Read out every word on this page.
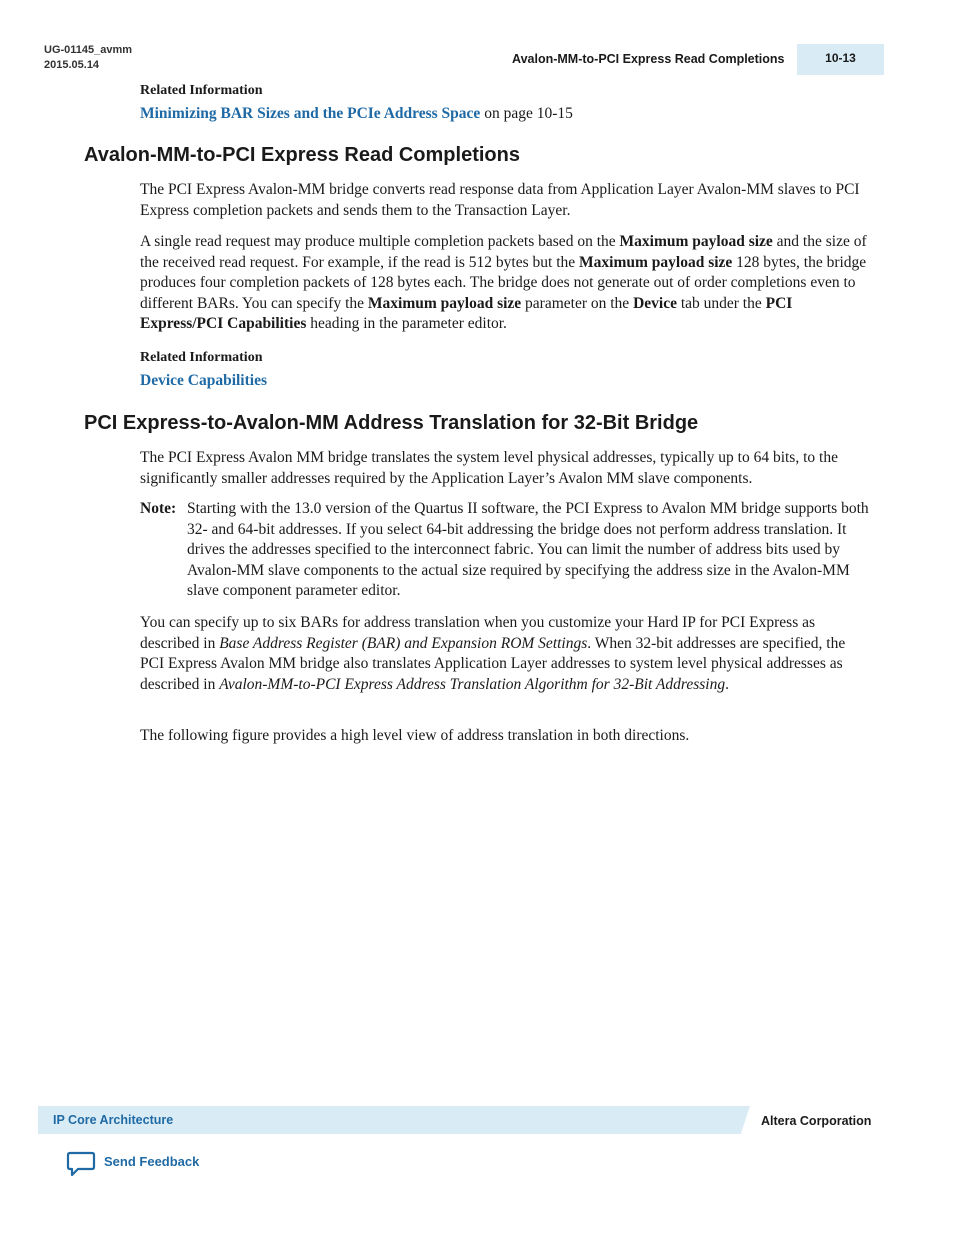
UG-01145_avmm
2015.05.14	Avalon-MM-to-PCI Express Read Completions	10-13
Related Information
Minimizing BAR Sizes and the PCIe Address Space on page 10-15
Avalon-MM-to-PCI Express Read Completions

The PCI Express Avalon-MM bridge converts read response data from Application Layer Avalon-MM slaves to PCI Express completion packets and sends them to the Transaction Layer.

A single read request may produce multiple completion packets based on the Maximum payload size and the size of the received read request. For example, if the read is 512 bytes but the Maximum payload size 128 bytes, the bridge produces four completion packets of 128 bytes each. The bridge does not generate out of order completions even to different BARs. You can specify the Maximum payload size parameter on the Device tab under the PCI Express/PCI Capabilities heading in the parameter editor.

Related Information
Device Capabilities
PCI Express-to-Avalon-MM Address Translation for 32-Bit Bridge

The PCI Express Avalon MM bridge translates the system level physical addresses, typically up to 64 bits, to the significantly smaller addresses required by the Application Layer’s Avalon MM slave components.

Note: Starting with the 13.0 version of the Quartus II software, the PCI Express to Avalon MM bridge supports both 32- and 64-bit addresses. If you select 64-bit addressing the bridge does not perform address translation. It drives the addresses specified to the interconnect fabric. You can limit the number of address bits used by Avalon-MM slave components to the actual size required by specifying the address size in the Avalon-MM slave component parameter editor.

You can specify up to six BARs for address translation when you customize your Hard IP for PCI Express as described in Base Address Register (BAR) and Expansion ROM Settings. When 32-bit addresses are specified, the PCI Express Avalon MM bridge also translates Application Layer addresses to system level physical addresses as described in Avalon-MM-to-PCI Express Address Translation Algorithm for 32-Bit Addressing.

The following figure provides a high level view of address translation in both directions.

IP Core Architecture	Altera Corporation
Send Feedback
